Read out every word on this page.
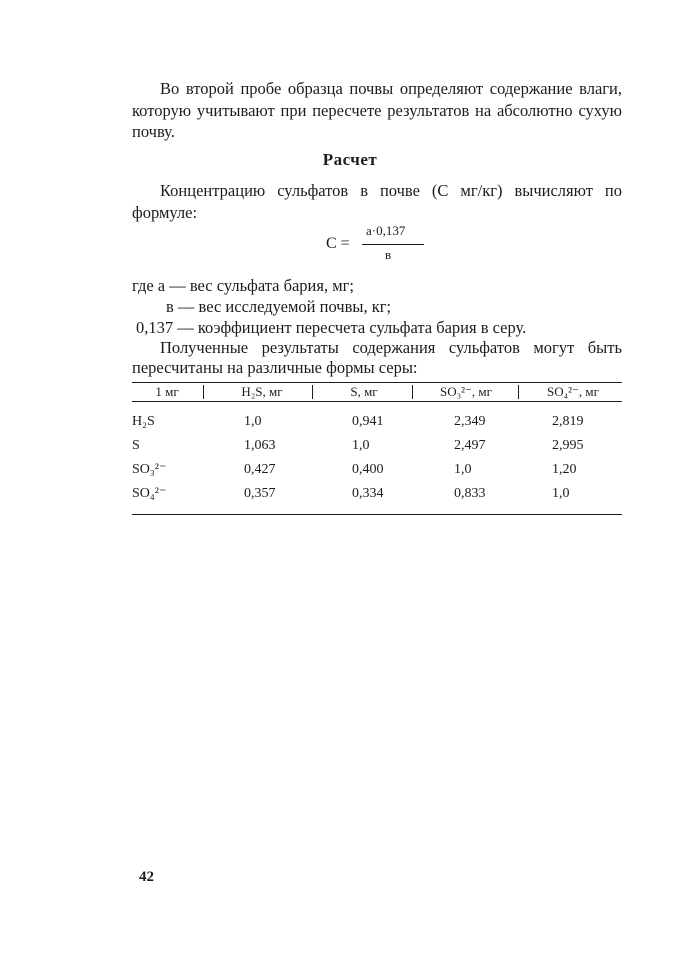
Во второй пробе образца почвы определяют содержание влаги, которую учитывают при пересчете результатов на абсолютно сухую почву.

Расчет

Концентрацию сульфатов в почве (С мг/кг) вычисляют по формуле:

С =
а·0,137
в

где а — вес сульфата бария, мг;

в — вес исследуемой почвы, кг;

0,137 — коэффициент пересчета сульфата бария в серу.

Полученные результаты содержания сульфатов могут быть пересчитаны на различные формы серы:

1 мг	H₂S, мг	S, мг	SO₃²⁻, мг	SO₄²⁻, мг
H₂S	1,0	0,941	2,349	2,819
S	1,063	1,0	2,497	2,995
SO₃²⁻	0,427	0,400	1,0	1,20
SO₄²⁻	0,357	0,334	0,833	1,0
42
